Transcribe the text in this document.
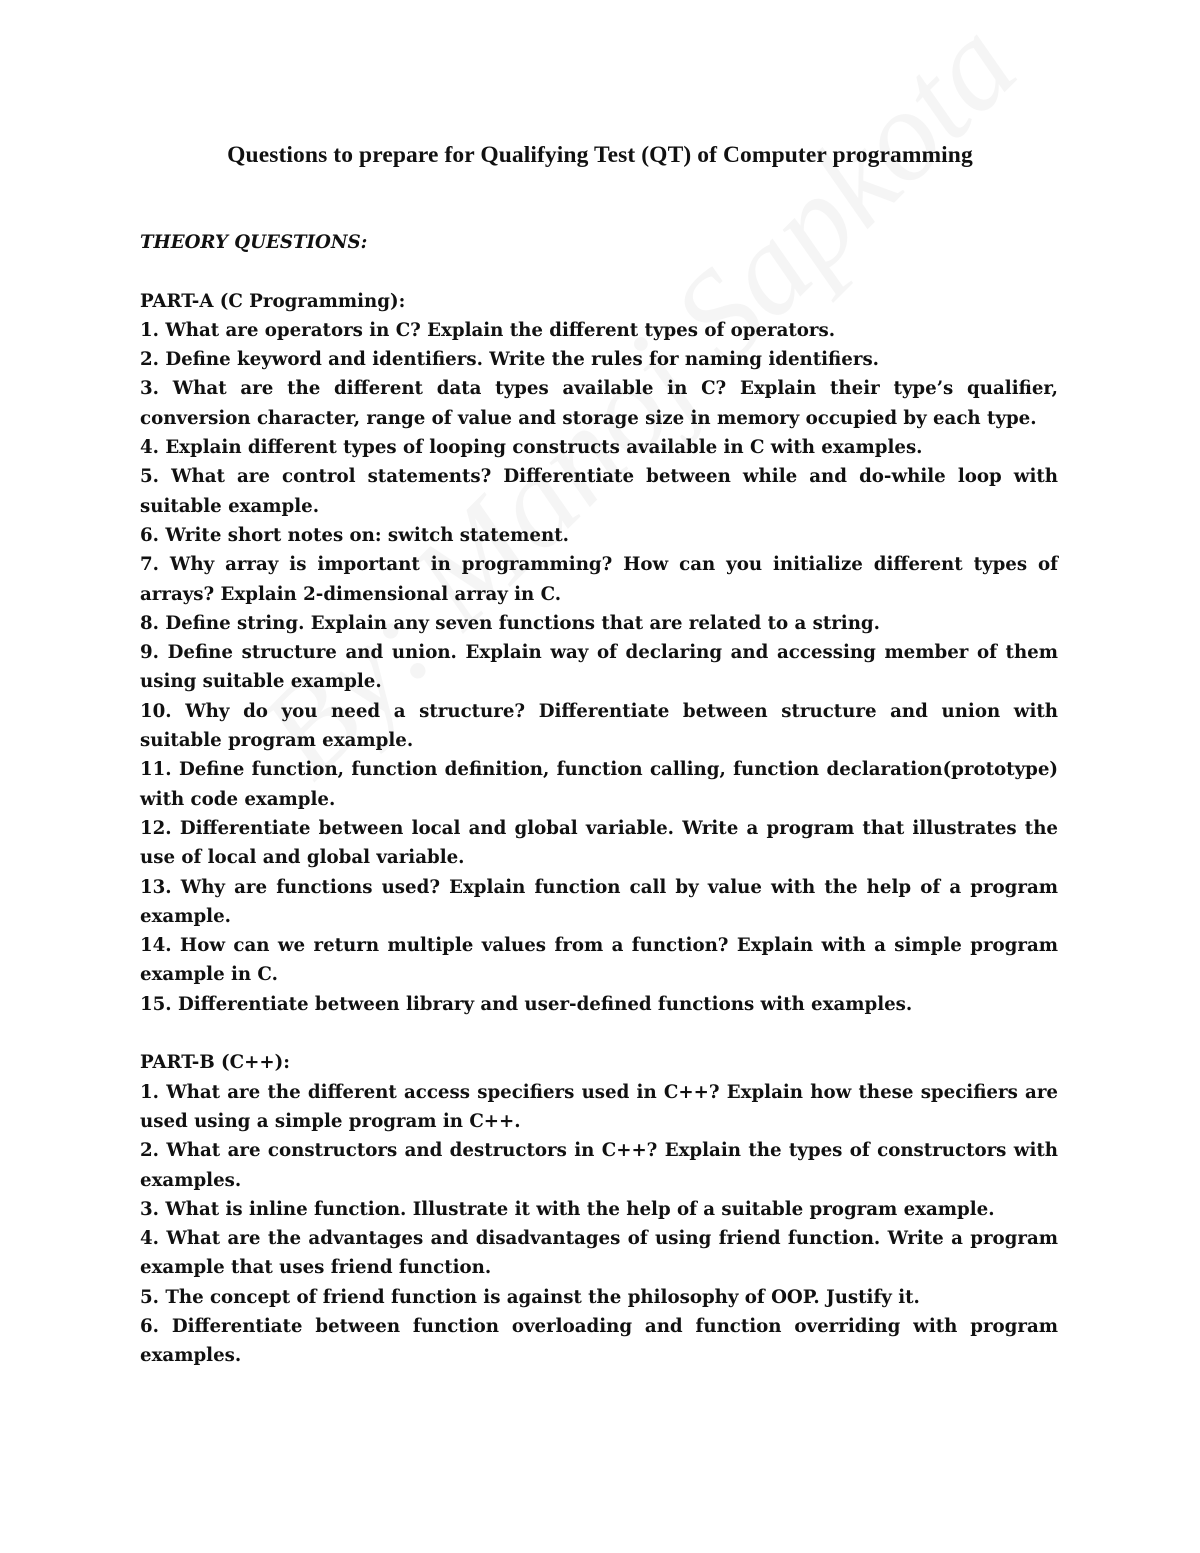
Questions to prepare for Qualifying Test (QT) of Computer programming

THEORY QUESTIONS:

PART-A (C Programming):

1. What are operators in C? Explain the different types of operators.

2. Define keyword and identifiers. Write the rules for naming identifiers.

3. What are the different data types available in C? Explain their type’s qualifier, conversion character, range of value and storage size in memory occupied by each type.

4. Explain different types of looping constructs available in C with examples.

5. What are control statements? Differentiate between while and do-while loop with suitable example.

6. Write short notes on: switch statement.

7. Why array is important in programming? How can you initialize different types of arrays? Explain 2-dimensional array in C.

8. Define string. Explain any seven functions that are related to a string.

9. Define structure and union. Explain way of declaring and accessing member of them using suitable example.

10. Why do you need a structure? Differentiate between structure and union with suitable program example.

11. Define function, function definition, function calling, function declaration(prototype) with code example.

12. Differentiate between local and global variable. Write a program that illustrates the use of local and global variable.

13. Why are functions used? Explain function call by value with the help of a program example.

14. How can we return multiple values from a function? Explain with a simple program example in C.

15. Differentiate between library and user-defined functions with examples.

PART-B (C++):

1. What are the different access specifiers used in C++? Explain how these specifiers are used using a simple program in C++.

2. What are constructors and destructors in C++? Explain the types of constructors with examples.

3. What is inline function. Illustrate it with the help of a suitable program example.

4. What are the advantages and disadvantages of using friend function. Write a program example that uses friend function.

5. The concept of friend function is against the philosophy of OOP. Justify it.

6. Differentiate between function overloading and function overriding with program examples.
